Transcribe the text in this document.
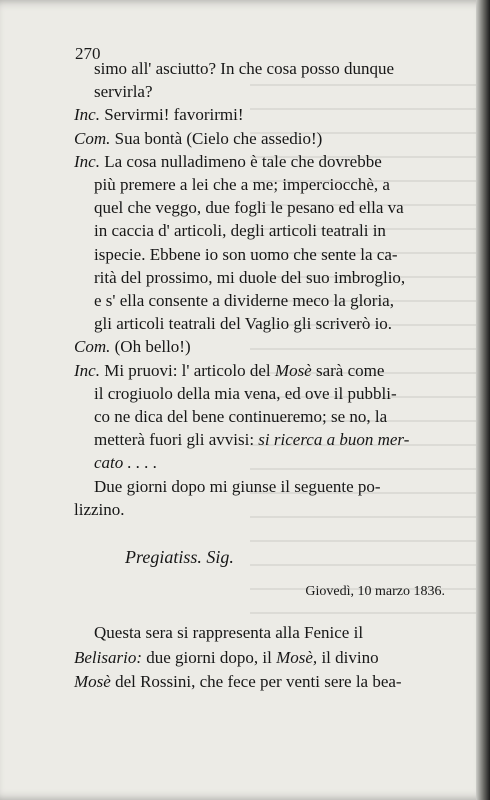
270
simo all' asciutto? In che cosa posso dunque
servirla?
Inc. Servirmi! favorirmi!
Com. Sua bontà (Cielo che assedio!)
Inc. La cosa nulladimeno è tale che dovrebbe
più premere a lei che a me; imperciocchè, a
quel che veggo, due fogli le pesano ed ella va
in caccia d' articoli, degli articoli teatrali in
ispecie. Ebbene io son uomo che sente la ca-
rità del prossimo, mi duole del suo imbroglio,
e s' ella consente a dividerne meco la gloria,
gli articoli teatrali del Vaglio gli scriverò io.
Com. (Oh bello!)
Inc. Mi pruovi: l' articolo del Mosè sarà come
il crogiuolo della mia vena, ed ove il pubbli-
co ne dica del bene continueremo; se no, la
metterà fuori gli avvisi: si ricerca a buon mer-
cato . . . .
Due giorni dopo mi giunse il seguente po-
lizzino.
Pregiatiss. Sig.
Giovedì, 10 marzo 1836.
Questa sera si rappresenta alla Fenice il
Belisario: due giorni dopo, il Mosè, il divino
Mosè del Rossini, che fece per venti sere la bea-
